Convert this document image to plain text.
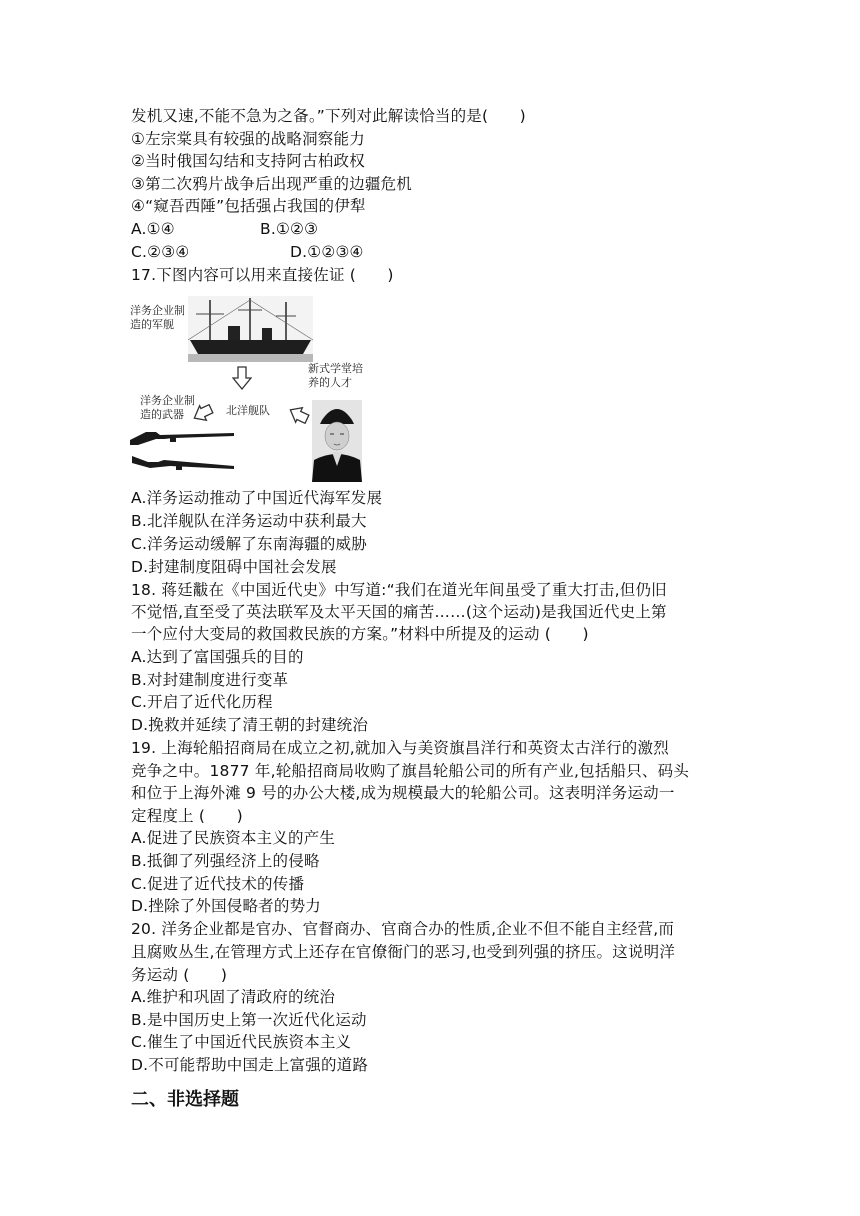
发机又速,不能不急为之备。”下列对此解读恰当的是(　　)
①左宗棠具有较强的战略洞察能力
②当时俄国勾结和支持阿古柏政权
③第二次鸦片战争后出现严重的边疆危机
④“窥吾西陲”包括强占我国的伊犁
A.①④	B.①②③
C.②③④	D.①②③④
17.下图内容可以用来直接佐证 (　　)
洋务企业制
造的军舰
洋务企业制
造的武器	北洋舰队
新式学堂培
养的人才
A.洋务运动推动了中国近代海军发展
B.北洋舰队在洋务运动中获利最大
C.洋务运动缓解了东南海疆的威胁
D.封建制度阻碍中国社会发展
18. 蒋廷黻在《中国近代史》中写道:“我们在道光年间虽受了重大打击,但仍旧
不觉悟,直至受了英法联军及太平天国的痛苦……(这个运动)是我国近代史上第
一个应付大变局的救国救民族的方案。”材料中所提及的运动 (　　)
A.达到了富国强兵的目的
B.对封建制度进行变革
C.开启了近代化历程
D.挽救并延续了清王朝的封建统治
19. 上海轮船招商局在成立之初,就加入与美资旗昌洋行和英资太古洋行的激烈
竞争之中。1877 年,轮船招商局收购了旗昌轮船公司的所有产业,包括船只、码头
和位于上海外滩 9 号的办公大楼,成为规模最大的轮船公司。这表明洋务运动一
定程度上 (　　)
A.促进了民族资本主义的产生
B.抵御了列强经济上的侵略
C.促进了近代技术的传播
D.挫除了外国侵略者的势力
20. 洋务企业都是官办、官督商办、官商合办的性质,企业不但不能自主经营,而
且腐败丛生,在管理方式上还存在官僚衙门的恶习,也受到列强的挤压。这说明洋
务运动 (　　)
A.维护和巩固了清政府的统治
B.是中国历史上第一次近代化运动
C.催生了中国近代民族资本主义
D.不可能帮助中国走上富强的道路
二、非选择题
